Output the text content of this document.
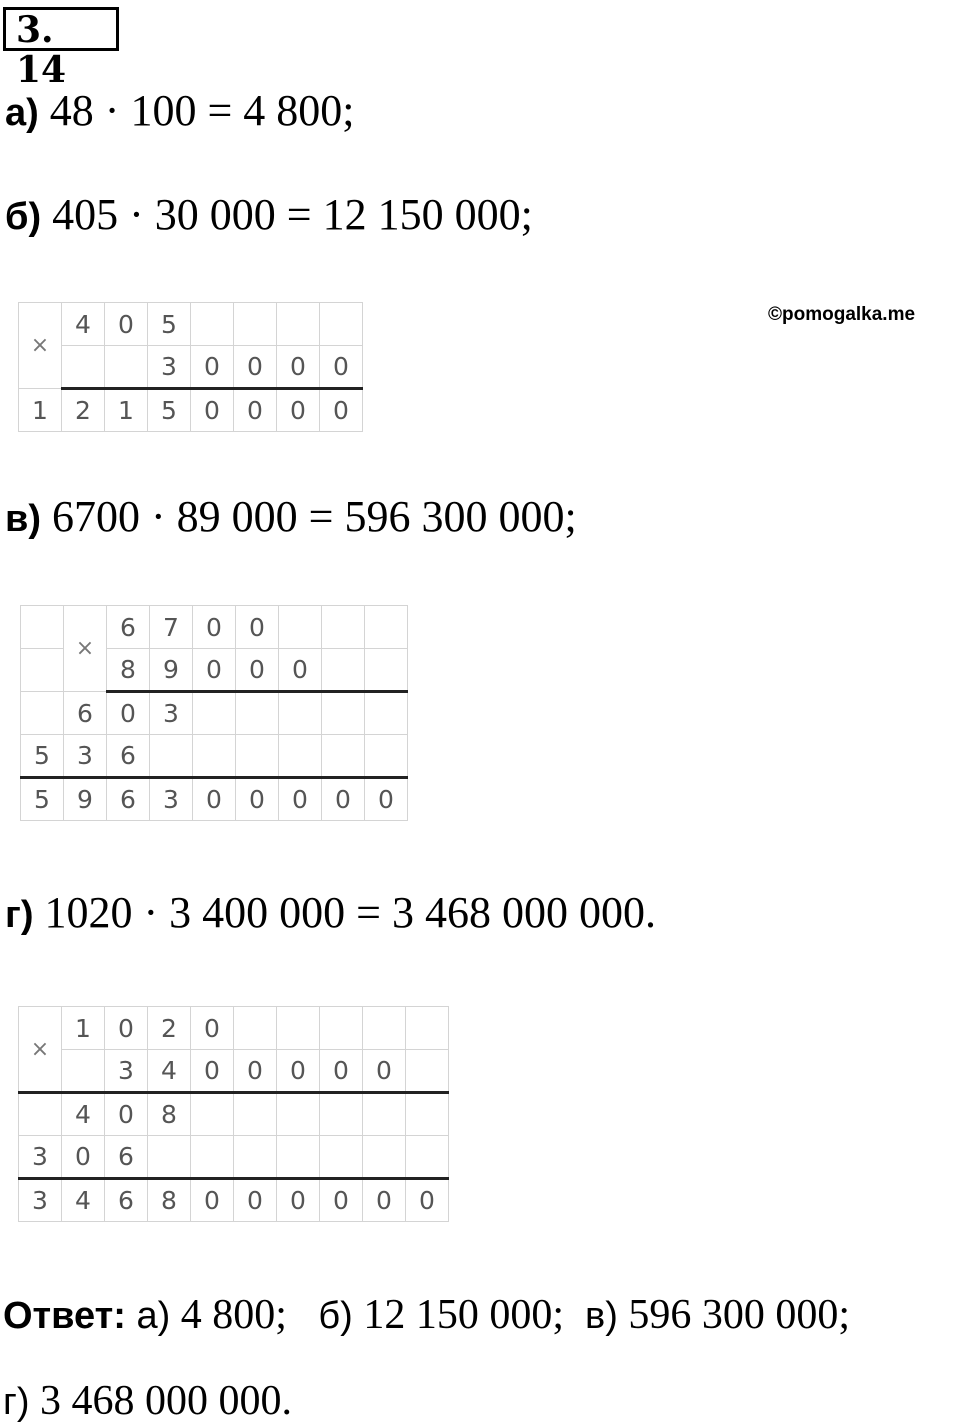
3. 14
а) 48 · 100 = 4 800;
б) 405 · 30 000 = 12 150 000;
©pomogalka.me
×	4	0	5				
			3	0	0	0	0
1	2	1	5	0	0	0	0
в) 6700 · 89 000 = 596 300 000;
	×	6	7	0	0			
		8	9	0	0	0		
	6	0	3					
5	3	6						
5	9	6	3	0	0	0	0	0
г) 1020 · 3 400 000 = 3 468 000 000.
×	1	0	2	0					
		3	4	0	0	0	0	0	
	4	0	8						
3	0	6							
3	4	6	8	0	0	0	0	0	0
Ответ: а) 4 800; б) 12 150 000; в) 596 300 000;
г) 3 468 000 000.
